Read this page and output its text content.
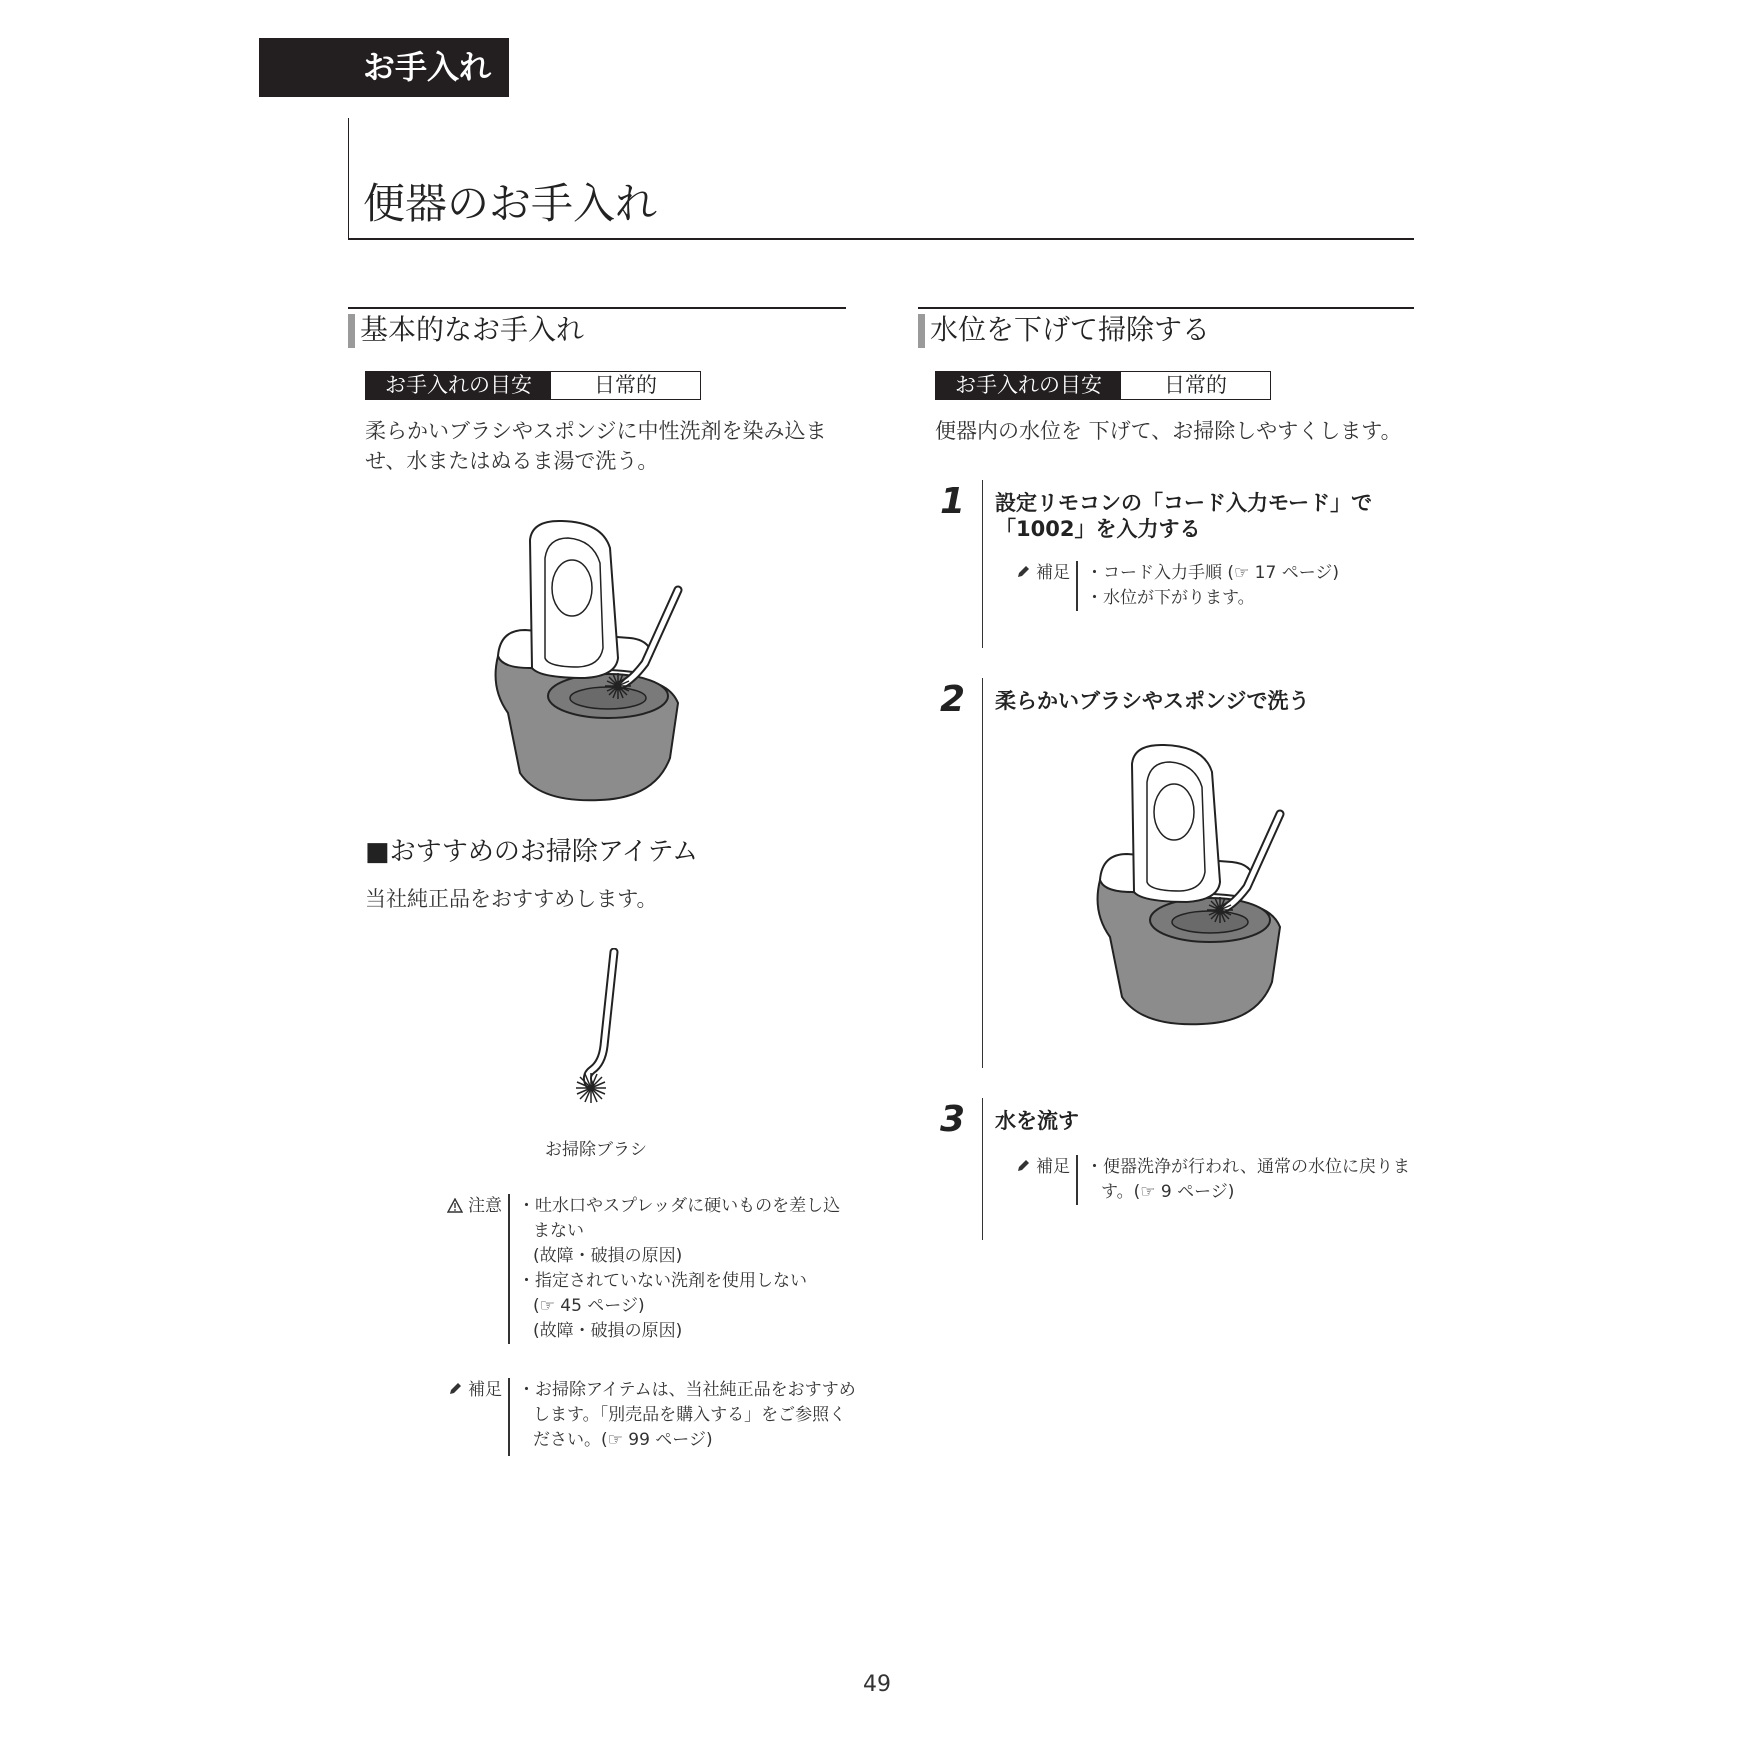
お手入れ
便器のお手入れ
基本的なお手入れ
お手入れの目安	日常的
柔らかいブラシやスポンジに中性洗剤を染み込ま
せ、水またはぬるま湯で洗う。
■おすすめのお掃除アイテム
当社純正品をおすすめします。
お掃除ブラシ
注意 ・吐水口やスプレッダに硬いものを差し込
まない
(故障・破損の原因)
・指定されていない洗剤を使用しない
(☞ 45 ページ)
(故障・破損の原因)
補足 ・お掃除アイテムは、当社純正品をおすすめ
します。「別売品を購入する」をご参照く
ださい。(☞ 99 ページ)
水位を下げて掃除する
お手入れの目安	日常的
便器内の水位を 下げて、お掃除しやすくします。
1 設定リモコンの「コード入力モード」で
「1002」を入力する
補足 ・コード入力手順 (☞ 17 ページ)
・水位が下がります。
2 柔らかいブラシやスポンジで洗う
3 水を流す
補足 ・便器洗浄が行われ、通常の水位に戻りま
す。(☞ 9 ページ)
49
